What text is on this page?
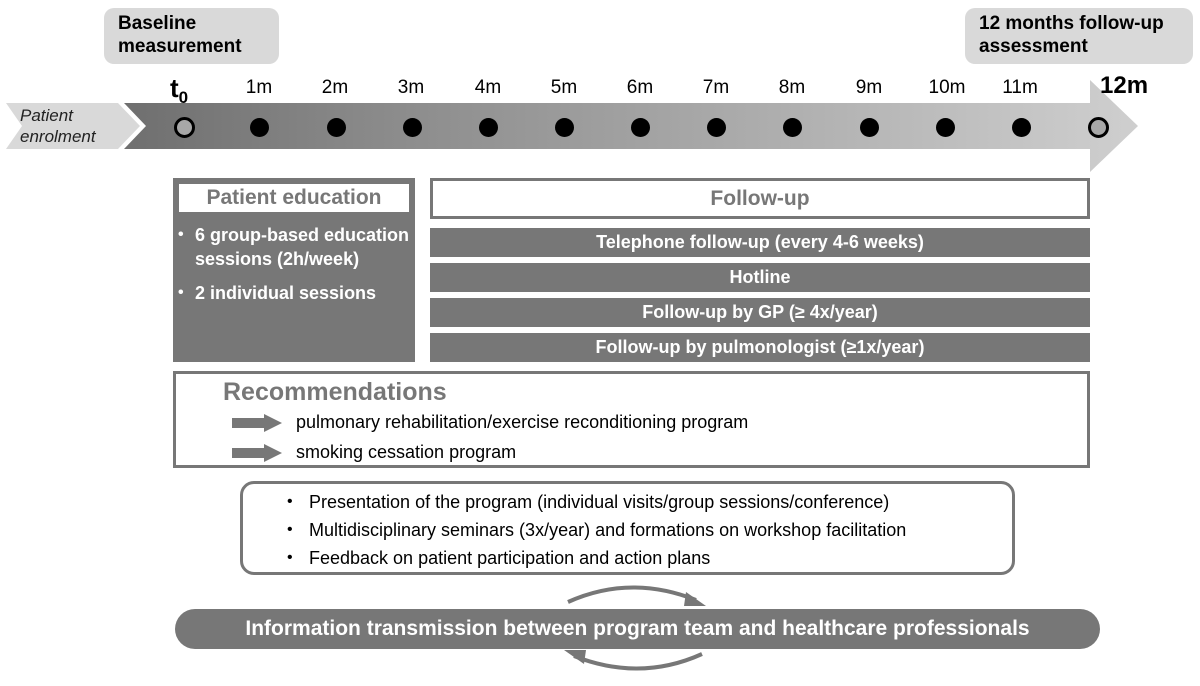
Baseline measurement
12 months follow-up assessment
Patient enrolment
$t_0$	1m	2m	3m	4m	5m	6m	7m	8m	9m	10m	11m	12m
Patient education
• 6 group-based education sessions (2h/week)
• 2 individual sessions
Follow-up
Telephone follow-up (every 4-6 weeks)
Hotline
Follow-up by GP (≥ 4x/year)
Follow-up by pulmonologist (≥1x/year)
Recommendations
pulmonary rehabilitation/exercise reconditioning program
smoking cessation program
• Presentation of the program (individual visits/group sessions/conference)
• Multidisciplinary seminars (3x/year) and formations on workshop facilitation
• Feedback on patient participation and action plans
Information transmission between program team and healthcare professionals
